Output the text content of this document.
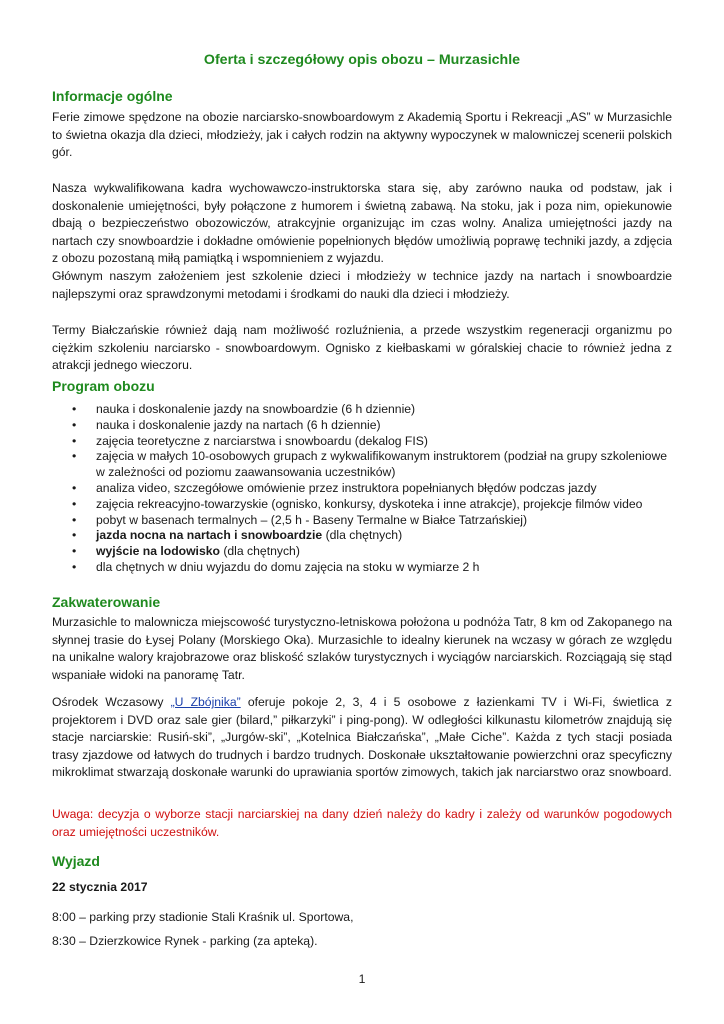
Oferta i szczegółowy opis obozu – Murzasichle
Informacje ogólne
Ferie zimowe spędzone na obozie narciarsko-snowboardowym z Akademią Sportu i Rekreacji „AS” w Murzasichle to świetna okazja dla dzieci, młodzieży, jak i całych rodzin na aktywny wypoczynek w malowniczej scenerii polskich gór.
Nasza wykwalifikowana kadra wychowawczo-instruktorska stara się, aby zarówno nauka od podstaw, jak i doskonalenie umiejętności, były połączone z humorem i świetną zabawą. Na stoku, jak i poza nim, opiekunowie dbają o bezpieczeństwo obozowiczów, atrakcyjnie organizując im czas wolny. Analiza umiejętności jazdy na nartach czy snowboardzie i dokładne omówienie popełnionych błędów umożliwią poprawę techniki jazdy, a zdjęcia z obozu pozostaną miłą pamiątką i wspomnieniem z wyjazdu.
Głównym naszym założeniem jest szkolenie dzieci i młodzieży w technice jazdy na nartach i snowboardzie najlepszymi oraz sprawdzonymi metodami i środkami do nauki dla dzieci i młodzieży.
Termy Białczańskie również dają nam możliwość rozluźnienia, a przede wszystkim regeneracji organizmu po ciężkim szkoleniu narciarsko - snowboardowym. Ognisko z kiełbaskami w góralskiej chacie to również jedna z atrakcji jednego wieczoru.
Program obozu
• nauka i doskonalenie jazdy na snowboardzie (6 h dziennie)
• nauka i doskonalenie jazdy na nartach (6 h dziennie)
• zajęcia teoretyczne z narciarstwa i snowboardu (dekalog FIS)
• zajęcia w małych 10-osobowych grupach z wykwalifikowanym instruktorem (podział na grupy szkoleniowe w zależności od poziomu zaawansowania uczestników)
• analiza video, szczegółowe omówienie przez instruktora popełnianych błędów podczas jazdy
• zajęcia rekreacyjno-towarzyskie (ognisko, konkursy, dyskoteka i inne atrakcje), projekcje filmów video
• pobyt w basenach termalnych – (2,5 h - Baseny Termalne w Białce Tatrzańskiej)
• jazda nocna na nartach i snowboardzie (dla chętnych)
• wyjście na lodowisko (dla chętnych)
• dla chętnych w dniu wyjazdu do domu zajęcia na stoku w wymiarze 2 h
Zakwaterowanie
Murzasichle to malownicza miejscowość turystyczno-letniskowa położona u podnóża Tatr, 8 km od Zakopanego na słynnej trasie do Łysej Polany (Morskiego Oka). Murzasichle to idealny kierunek na wczasy w górach ze względu na unikalne walory krajobrazowe oraz bliskość szlaków turystycznych i wyciągów narciarskich. Rozciągają się stąd wspaniałe widoki na panoramę Tatr.
Ośrodek Wczasowy „U Zbójnika” oferuje pokoje 2, 3, 4 i 5 osobowe z łazienkami TV i Wi-Fi, świetlica z projektorem i DVD oraz sale gier (bilard,” piłkarzyki” i ping-pong). W odległości kilkunastu kilometrów znajdują się stacje narciarskie: Rusiń-ski”, „Jurgów-ski”, „Kotelnica Białczańska”, „Małe Ciche”. Każda z tych stacji posiada trasy zjazdowe od łatwych do trudnych i bardzo trudnych. Doskonałe ukształtowanie powierzchni oraz specyficzny mikroklimat stwarzają doskonałe warunki do uprawiania sportów zimowych, takich jak narciarstwo oraz snowboard.
Uwaga: decyzja o wyborze stacji narciarskiej na dany dzień należy do kadry i zależy od warunków pogodowych oraz umiejętności uczestników.
Wyjazd
22 stycznia 2017
8:00 – parking przy stadionie Stali Kraśnik ul. Sportowa,
8:30 – Dzierzkowice Rynek - parking (za apteką).
1
